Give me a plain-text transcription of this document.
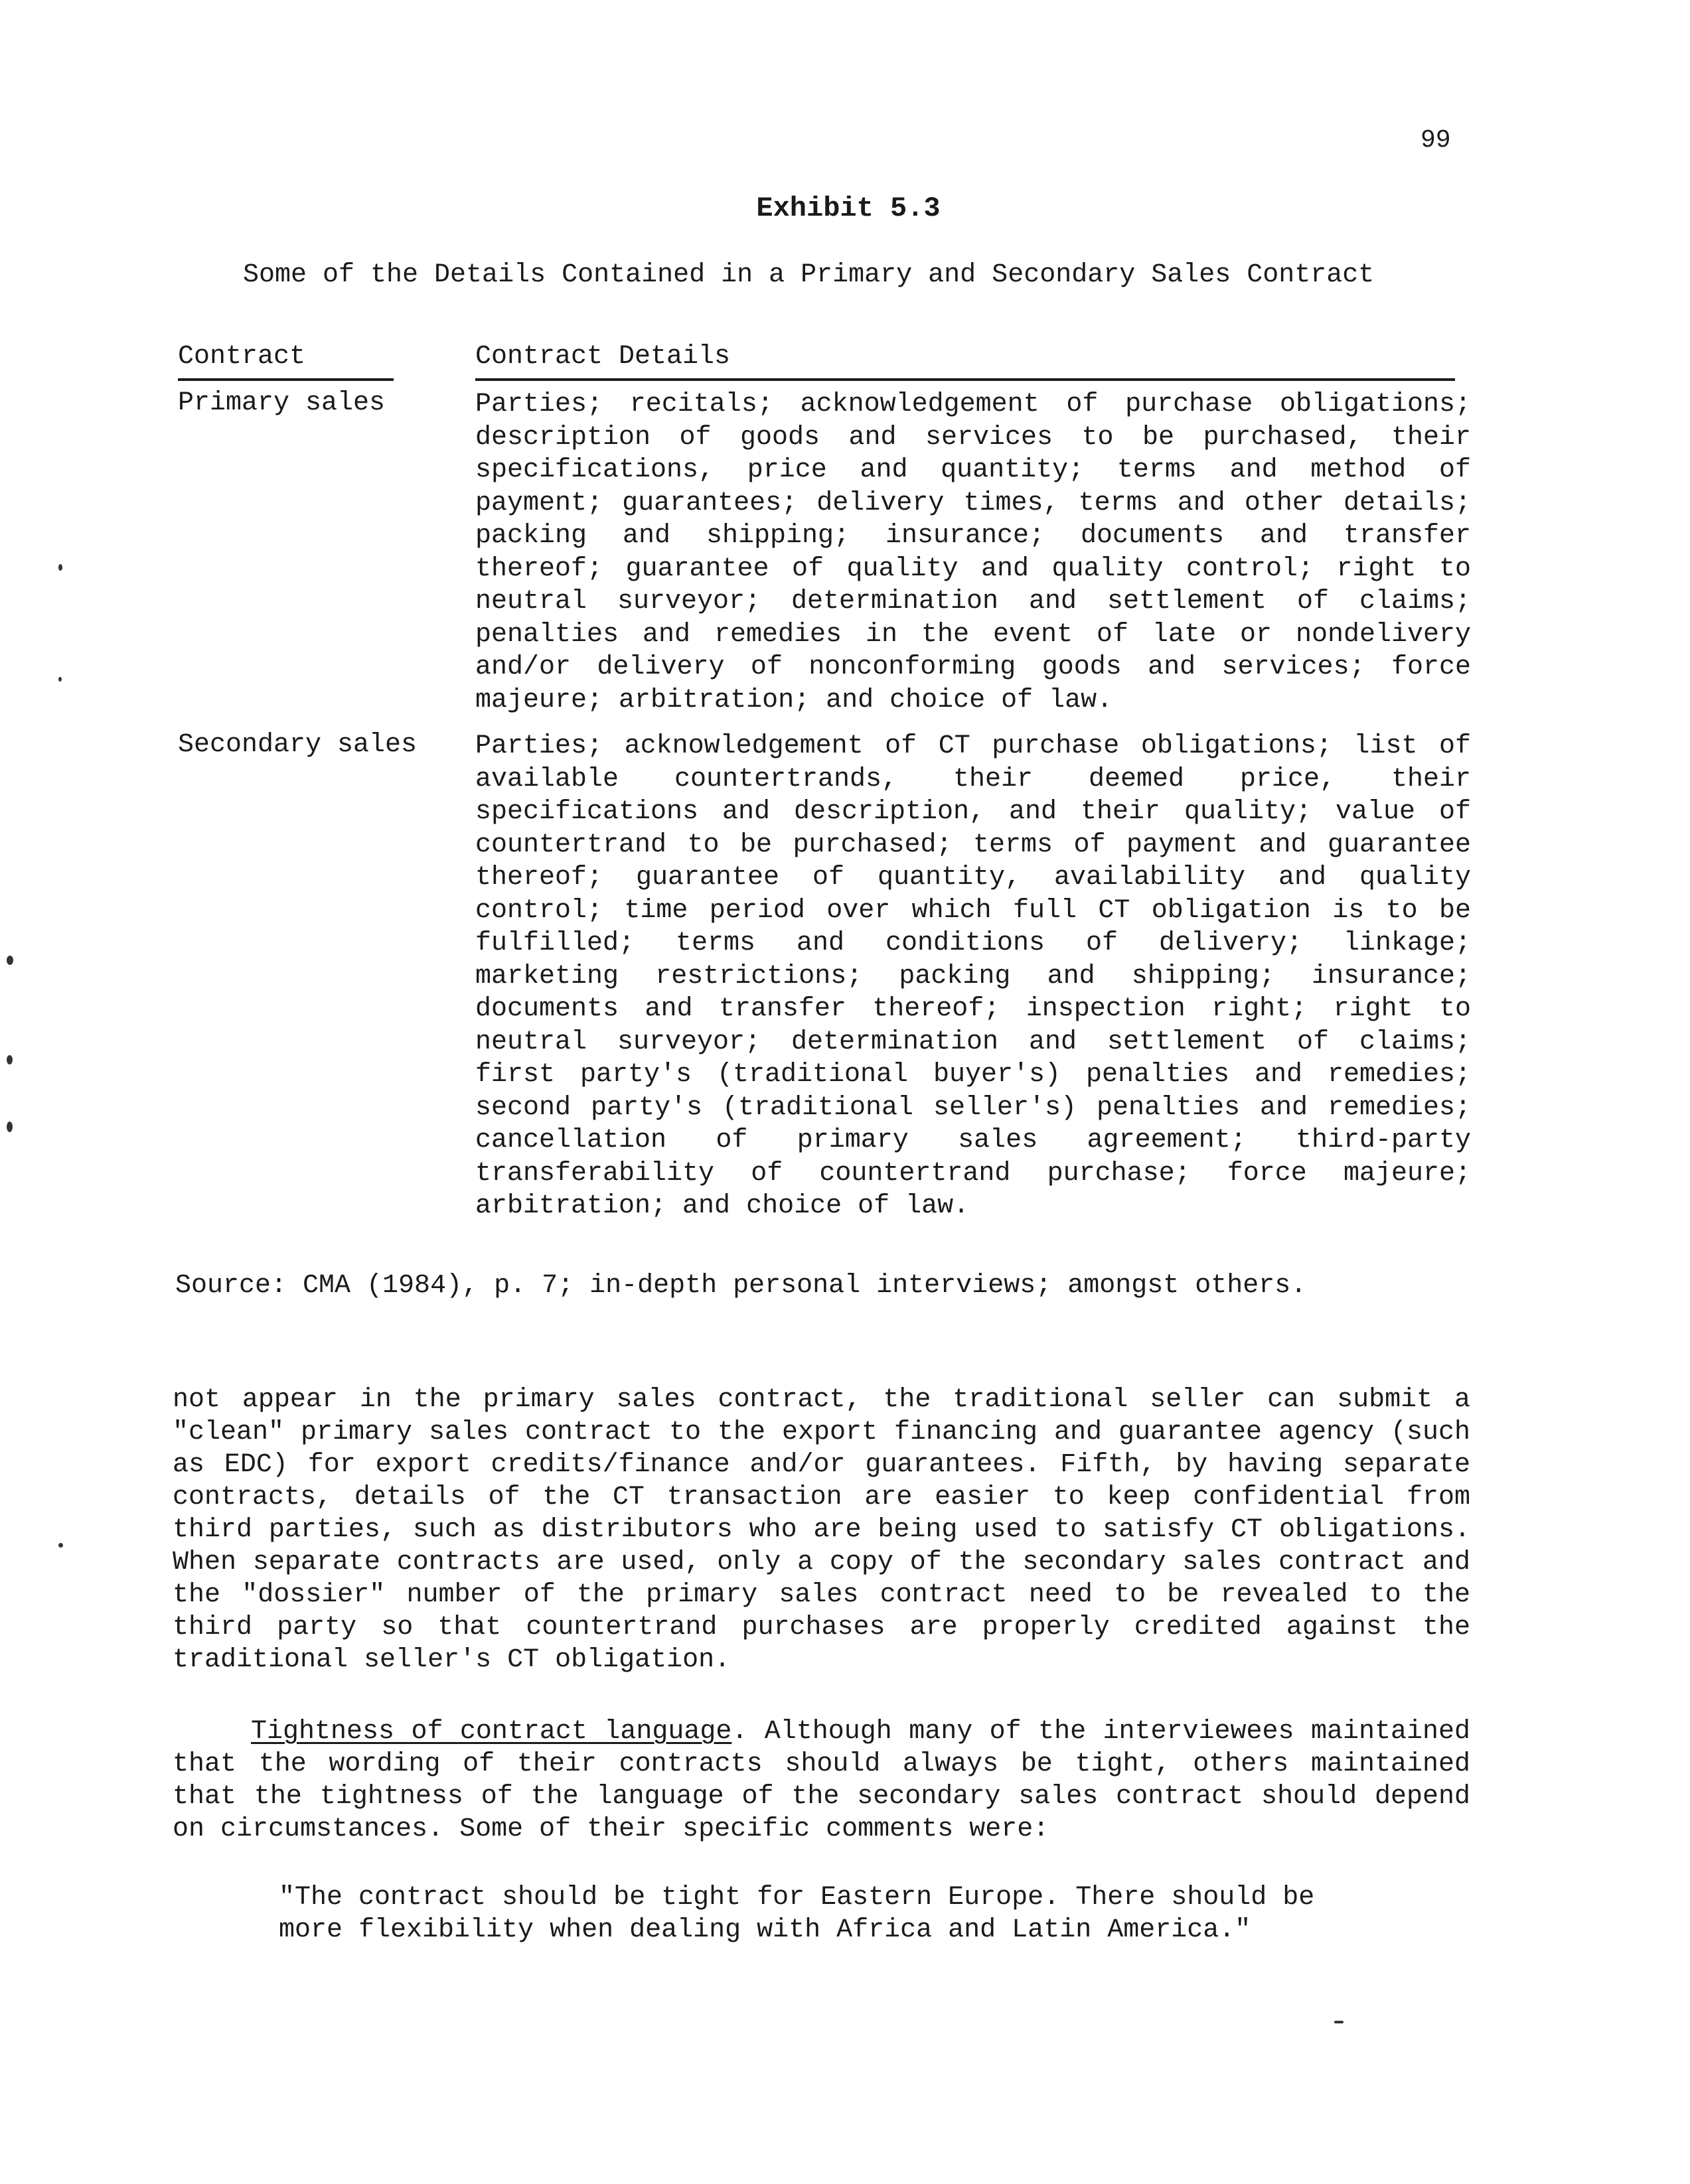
99
Exhibit 5.3
Some of the Details Contained in a Primary and Secondary Sales Contract
Contract	Contract Details
Primary sales	Parties; recitals; acknowledgement of purchase obligations; description of goods and services to be purchased, their specifications, price and quantity; terms and method of payment; guarantees; delivery times, terms and other details; packing and shipping; insurance; documents and transfer thereof; guarantee of quality and quality control; right to neutral surveyor; determination and settlement of claims; penalties and remedies in the event of late or nondelivery and/or delivery of nonconforming goods and services; force majeure; arbitration; and choice of law.
Secondary sales Parties; acknowledgement of CT purchase obligations; list of available countertrands, their deemed price, their specifications and description, and their quality; value of countertrand to be purchased; terms of payment and guarantee thereof; guarantee of quantity, availability and quality control; time period over which full CT obligation is to be fulfilled; terms and conditions of delivery; linkage; marketing restrictions; packing and shipping; insurance; documents and transfer thereof; inspection right; right to neutral surveyor; determination and settlement of claims; first party's (traditional buyer's) penalties and remedies; second party's (traditional seller's) penalties and remedies; cancellation of primary sales agreement; third-party transferability of countertrand purchase; force majeure; arbitration; and choice of law.
Source: CMA (1984), p. 7; in-depth personal interviews; amongst others.
not appear in the primary sales contract, the traditional seller can submit a "clean" primary sales contract to the export financing and guarantee agency (such as EDC) for export credits/finance and/or guarantees. Fifth, by having separate contracts, details of the CT transaction are easier to keep confidential from third parties, such as distributors who are being used to satisfy CT obligations. When separate contracts are used, only a copy of the secondary sales contract and the "dossier" number of the primary sales contract need to be revealed to the third party so that countertrand purchases are properly credited against the traditional seller's CT obligation.
Tightness of contract language. Although many of the interviewees maintained that the wording of their contracts should always be tight, others maintained that the tightness of the language of the secondary sales contract should depend on circumstances. Some of their specific comments were:
"The contract should be tight for Eastern Europe. There should be more flexibility when dealing with Africa and Latin America."
